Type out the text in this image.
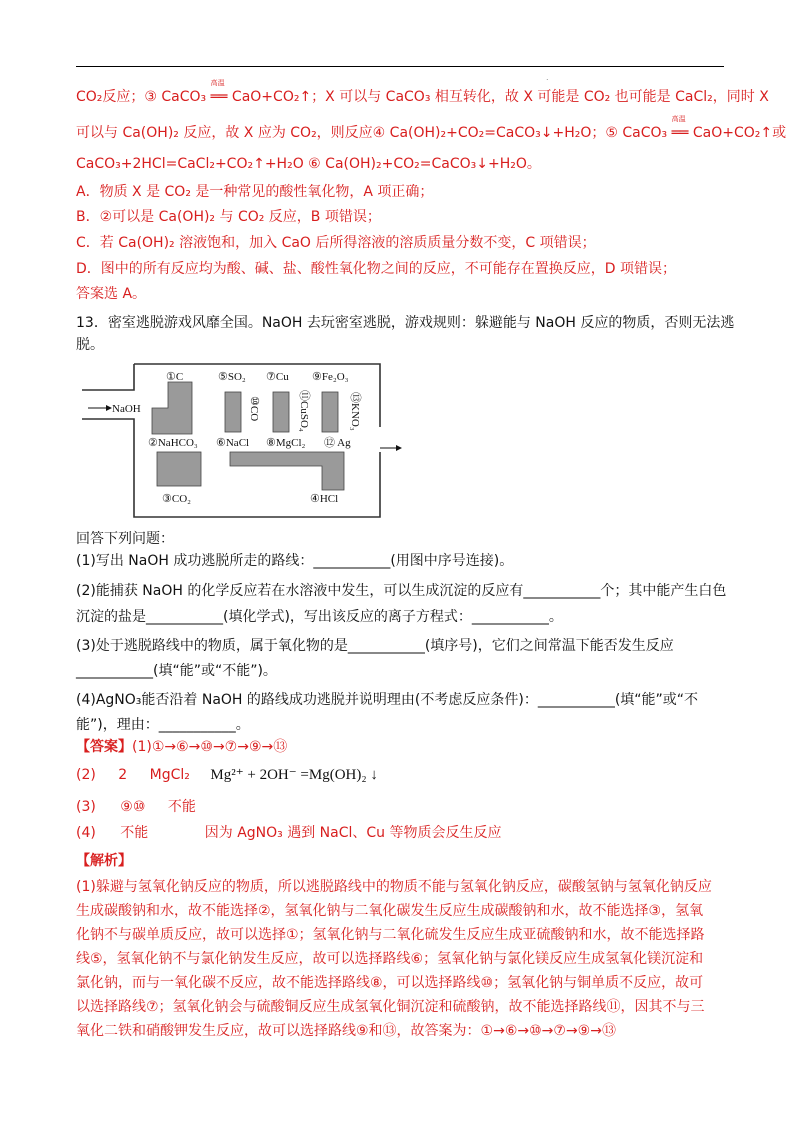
.
CO₂反应；③ CaCO₃ ══
高温
CaO+CO₂↑；X 可以与 CaCO₃ 相互转化，故 X 可能是 CO₂ 也可能是 CaCl₂，同时 X
可以与 Ca(OH)₂ 反应，故 X 应为 CO₂，则反应④ Ca(OH)₂+CO₂=CaCO₃↓+H₂O；⑤ CaCO₃ ══
高温
CaO+CO₂↑或
CaCO₃+2HCl=CaCl₂+CO₂↑+H₂O ⑥ Ca(OH)₂+CO₂=CaCO₃↓+H₂O。
A．物质 X 是 CO₂ 是一种常见的酸性氧化物，A 项正确；
B．②可以是 Ca(OH)₂ 与 CO₂ 反应，B 项错误；
C．若 Ca(OH)₂ 溶液饱和，加入 CaO 后所得溶液的溶质质量分数不变，C 项错误；
D．图中的所有反应均为酸、碱、盐、酸性氧化物之间的反应，不可能存在置换反应，D 项错误；
答案选 A。
13．密室逃脱游戏风靡全国。NaOH 去玩密室逃脱，游戏规则：躲避能与 NaOH 反应的物质，否则无法逃
脱。
NaOH
①C	⑤SO₂ ⑦Cu ⑨Fe₂O₃
⑬KNO₃
⑩CO	⑪CuSO₄
②NaHCO₃ ⑥NaCl ⑧MgCl₂ ⑫ Ag
③CO₂	④HCl
回答下列问题：
(1)写出 NaOH 成功逃脱所走的路线：___________(用图中序号连接)。
(2)能捕获 NaOH 的化学反应若在水溶液中发生，可以生成沉淀的反应有___________个；其中能产生白色
沉淀的盐是___________(填化学式)，写出该反应的离子方程式：___________。
(3)处于逃脱路线中的物质，属于氧化物的是___________(填序号)，它们之间常温下能否发生反应
___________(填“能”或“不能”)。
(4)AgNO₃能否沿着 NaOH 的路线成功逃脱并说明理由(不考虑反应条件)：___________(填“能”或“不
能”)，理由：___________。
【答案】(1)①→⑥→⑩→⑦→⑨→⑬
(2) 2 MgCl₂ Mg²⁺ + 2OH⁻ =Mg(OH)₂ ↓
(3) ⑨⑩ 不能
(4) 不能	因为 AgNO₃ 遇到 NaCl、Cu 等物质会反生反应
【解析】
(1)躲避与氢氧化钠反应的物质，所以逃脱路线中的物质不能与氢氧化钠反应，碳酸氢钠与氢氧化钠反应
生成碳酸钠和水，故不能选择②，氢氧化钠与二氧化碳发生反应生成碳酸钠和水，故不能选择③，氢氧
化钠不与碳单质反应，故可以选择①；氢氧化钠与二氧化硫发生反应生成亚硫酸钠和水，故不能选择路
线⑤，氢氧化钠不与氯化钠发生反应，故可以选择路线⑥；氢氧化钠与氯化镁反应生成氢氧化镁沉淀和
氯化钠，而与一氧化碳不反应，故不能选择路线⑧，可以选择路线⑩；氢氧化钠与铜单质不反应，故可
以选择路线⑦；氢氧化钠会与硫酸铜反应生成氢氧化铜沉淀和硫酸钠，故不能选择路线⑪，因其不与三
氧化二铁和硝酸钾发生反应，故可以选择路线⑨和⑬，故答案为：①→⑥→⑩→⑦→⑨→⑬
